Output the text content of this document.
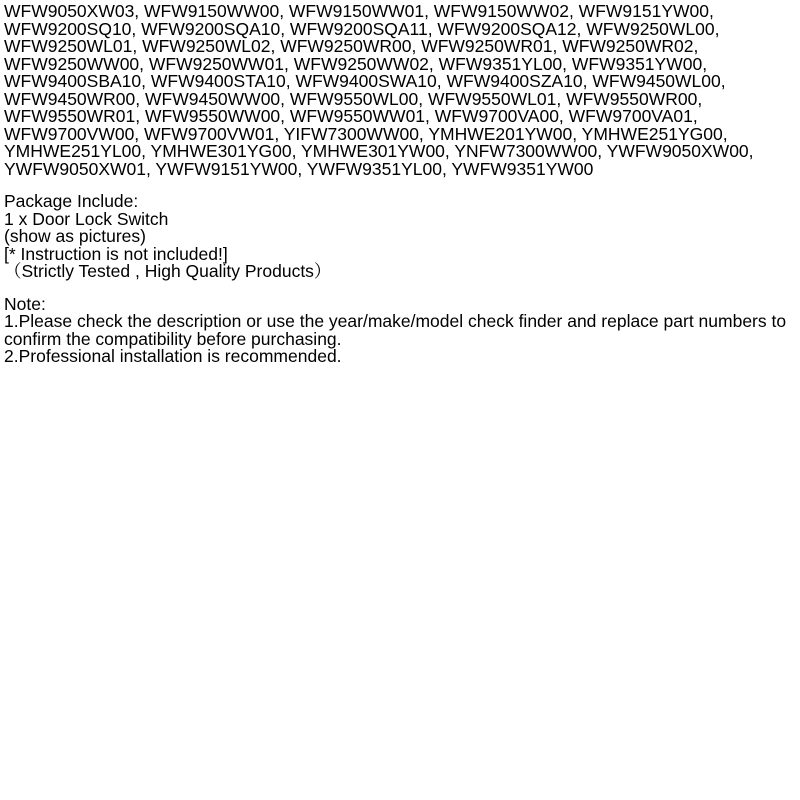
WFW9050XW03, WFW9150WW00, WFW9150WW01, WFW9150WW02, WFW9151YW00,
WFW9200SQ10, WFW9200SQA10, WFW9200SQA11, WFW9200SQA12, WFW9250WL00,
WFW9250WL01, WFW9250WL02, WFW9250WR00, WFW9250WR01, WFW9250WR02,
WFW9250WW00, WFW9250WW01, WFW9250WW02, WFW9351YL00, WFW9351YW00,
WFW9400SBA10, WFW9400STA10, WFW9400SWA10, WFW9400SZA10, WFW9450WL00,
WFW9450WR00, WFW9450WW00, WFW9550WL00, WFW9550WL01, WFW9550WR00,
WFW9550WR01, WFW9550WW00, WFW9550WW01, WFW9700VA00, WFW9700VA01,
WFW9700VW00, WFW9700VW01, YIFW7300WW00, YMHWE201YW00, YMHWE251YG00,
YMHWE251YL00, YMHWE301YG00, YMHWE301YW00, YNFW7300WW00, YWFW9050XW00,
YWFW9050XW01, YWFW9151YW00, YWFW9351YL00, YWFW9351YW00
Package Include:
1 x Door Lock Switch
(show as pictures)
[* Instruction is not included!]
（Strictly Tested , High Quality Products）
Note:
1.Please check the description or use the year/make/model check finder and replace part numbers to
confirm the compatibility before purchasing.
2.Professional installation is recommended.
